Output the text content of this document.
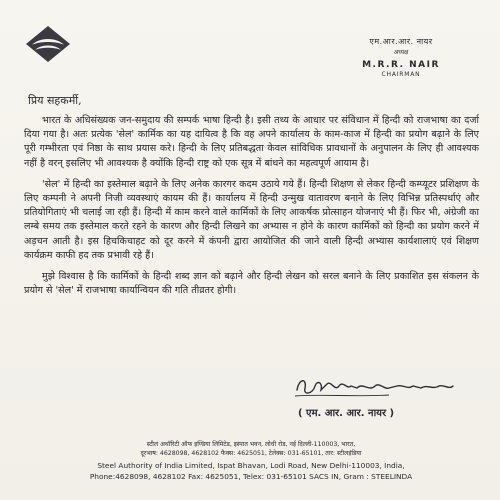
एम.आर.आर. नायर
अध्यक्ष
M.R.R. NAIR
CHAIRMAN
प्रिय सहकर्मी,

भारत के अधिसंख्यक जन-समुदाय की सम्पर्क भाषा हिन्दी है। इसी तथ्य के आधार पर संविधान में हिन्दी को राजभाषा का दर्जा दिया गया है। अतः प्रत्येक 'सेल' कार्मिक का यह दायित्व है कि वह अपने कार्यालय के काम-काज में हिन्दी का प्रयोग बढ़ाने के लिए पूरी गम्भीरता एवं निष्ठा के साथ प्रयास करे। हिन्दी के लिए प्रतिबद्धता केवल सांविधिक प्रावधानों के अनुपालन के लिए ही आवश्यक नहीं है वरन् इसलिए भी आवश्यक है क्योंकि हिन्दी राष्ट्र को एक सूत्र में बांधने का महत्वपूर्ण आयाम है।

'सेल' में हिन्दी का इस्तेमाल बढ़ाने के लिए अनेक कारगर कदम उठाये गये हैं। हिन्दी शिक्षण से लेकर हिन्दी कम्प्यूटर प्रशिक्षण के लिए कम्पनी ने अपनी निजी व्यवस्थाएं कायम की हैं। कार्यालय में हिन्दी उन्मुख वातावरण बनाने के लिए विभिन्न प्रतिस्पर्धाएं और प्रतियोगिताएं भी चलाई जा रही हैं। हिन्दी में काम करने वाले कार्मिकों के लिए आकर्षक प्रोत्साहन योजनाएं भी हैं। फिर भी, अंग्रेजी का लम्बे समय तक इस्तेमाल करते रहने के कारण और हिन्दी लिखने का अभ्यास न होने के कारण कार्मिकों को हिन्दी का प्रयोग करने में अड़चन आती है। इस हिचकिचाहट को दूर करने में कंपनी द्वारा आयोजित की जाने वाली हिन्दी अभ्यास कार्यशालाएं एवं शिक्षण कार्यक्रम काफी हद तक प्रभावी रहे हैं।

मुझे विश्वास है कि कार्मिकों के हिन्दी शब्द ज्ञान को बढ़ाने और हिन्दी लेखन को सरल बनाने के लिए प्रकाशित इस संकलन के प्रयोग से 'सेल' में राजभाषा कार्यान्वियन की गति तीव्रतर होगी।

( एम. आर. आर. नायर )
स्टील अथॉरिटी ऑफ इण्डिया लिमिटेड, इस्पात भवन, लोधी रोड, नई दिल्ली-110003, भारत,
दूरभाष: 4628098, 4628102 फैक्स: 4625051, टेलेक्स: 031-65101, तार: स्टीलइंडिया
Steel Authority of India Limited, Ispat Bhavan, Lodi Road, New Delhi-110003, India,
Phone:4628098, 4628102 Fax: 4625051, Telex: 031-65101 SACS IN, Gram : STEELINDA
